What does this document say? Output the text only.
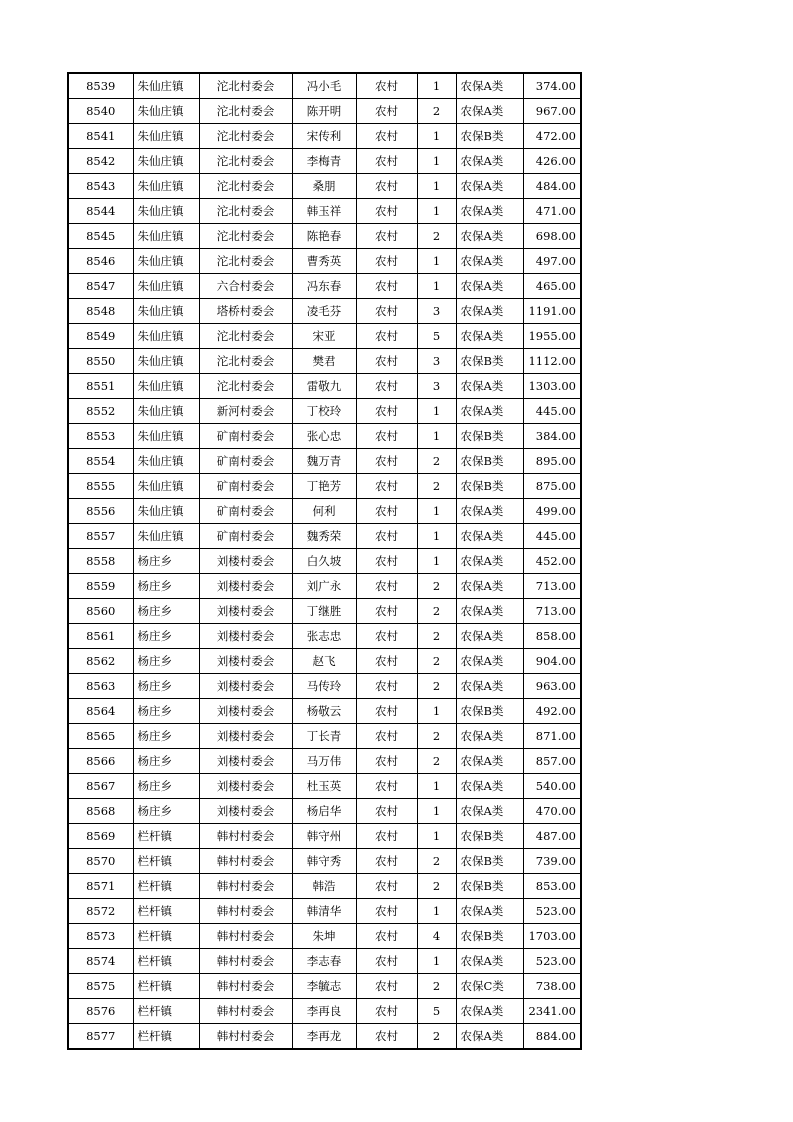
8539	朱仙庄镇	沱北村委会	冯小毛	农村	1	农保A类	374.00
8540	朱仙庄镇	沱北村委会	陈开明	农村	2	农保A类	967.00
8541	朱仙庄镇	沱北村委会	宋传利	农村	1	农保B类	472.00
8542	朱仙庄镇	沱北村委会	李梅青	农村	1	农保A类	426.00
8543	朱仙庄镇	沱北村委会	桑朋	农村	1	农保A类	484.00
8544	朱仙庄镇	沱北村委会	韩玉祥	农村	1	农保A类	471.00
8545	朱仙庄镇	沱北村委会	陈艳春	农村	2	农保A类	698.00
8546	朱仙庄镇	沱北村委会	曹秀英	农村	1	农保A类	497.00
8547	朱仙庄镇	六合村委会	冯东春	农村	1	农保A类	465.00
8548	朱仙庄镇	塔桥村委会	凌毛芬	农村	3	农保A类	1191.00
8549	朱仙庄镇	沱北村委会	宋亚	农村	5	农保A类	1955.00
8550	朱仙庄镇	沱北村委会	樊君	农村	3	农保B类	1112.00
8551	朱仙庄镇	沱北村委会	雷敬九	农村	3	农保A类	1303.00
8552	朱仙庄镇	新河村委会	丁校玲	农村	1	农保A类	445.00
8553	朱仙庄镇	矿南村委会	张心忠	农村	1	农保B类	384.00
8554	朱仙庄镇	矿南村委会	魏万青	农村	2	农保B类	895.00
8555	朱仙庄镇	矿南村委会	丁艳芳	农村	2	农保B类	875.00
8556	朱仙庄镇	矿南村委会	何利	农村	1	农保A类	499.00
8557	朱仙庄镇	矿南村委会	魏秀荣	农村	1	农保A类	445.00
8558	杨庄乡	刘楼村委会	白久坡	农村	1	农保A类	452.00
8559	杨庄乡	刘楼村委会	刘广永	农村	2	农保A类	713.00
8560	杨庄乡	刘楼村委会	丁继胜	农村	2	农保A类	713.00
8561	杨庄乡	刘楼村委会	张志忠	农村	2	农保A类	858.00
8562	杨庄乡	刘楼村委会	赵飞	农村	2	农保A类	904.00
8563	杨庄乡	刘楼村委会	马传玲	农村	2	农保A类	963.00
8564	杨庄乡	刘楼村委会	杨敬云	农村	1	农保B类	492.00
8565	杨庄乡	刘楼村委会	丁长青	农村	2	农保A类	871.00
8566	杨庄乡	刘楼村委会	马万伟	农村	2	农保A类	857.00
8567	杨庄乡	刘楼村委会	杜玉英	农村	1	农保A类	540.00
8568	杨庄乡	刘楼村委会	杨启华	农村	1	农保A类	470.00
8569	栏杆镇	韩村村委会	韩守州	农村	1	农保B类	487.00
8570	栏杆镇	韩村村委会	韩守秀	农村	2	农保B类	739.00
8571	栏杆镇	韩村村委会	韩浩	农村	2	农保B类	853.00
8572	栏杆镇	韩村村委会	韩清华	农村	1	农保A类	523.00
8573	栏杆镇	韩村村委会	朱坤	农村	4	农保B类	1703.00
8574	栏杆镇	韩村村委会	李志春	农村	1	农保A类	523.00
8575	栏杆镇	韩村村委会	李毓志	农村	2	农保C类	738.00
8576	栏杆镇	韩村村委会	李再良	农村	5	农保A类	2341.00
8577	栏杆镇	韩村村委会	李再龙	农村	2	农保A类	884.00
